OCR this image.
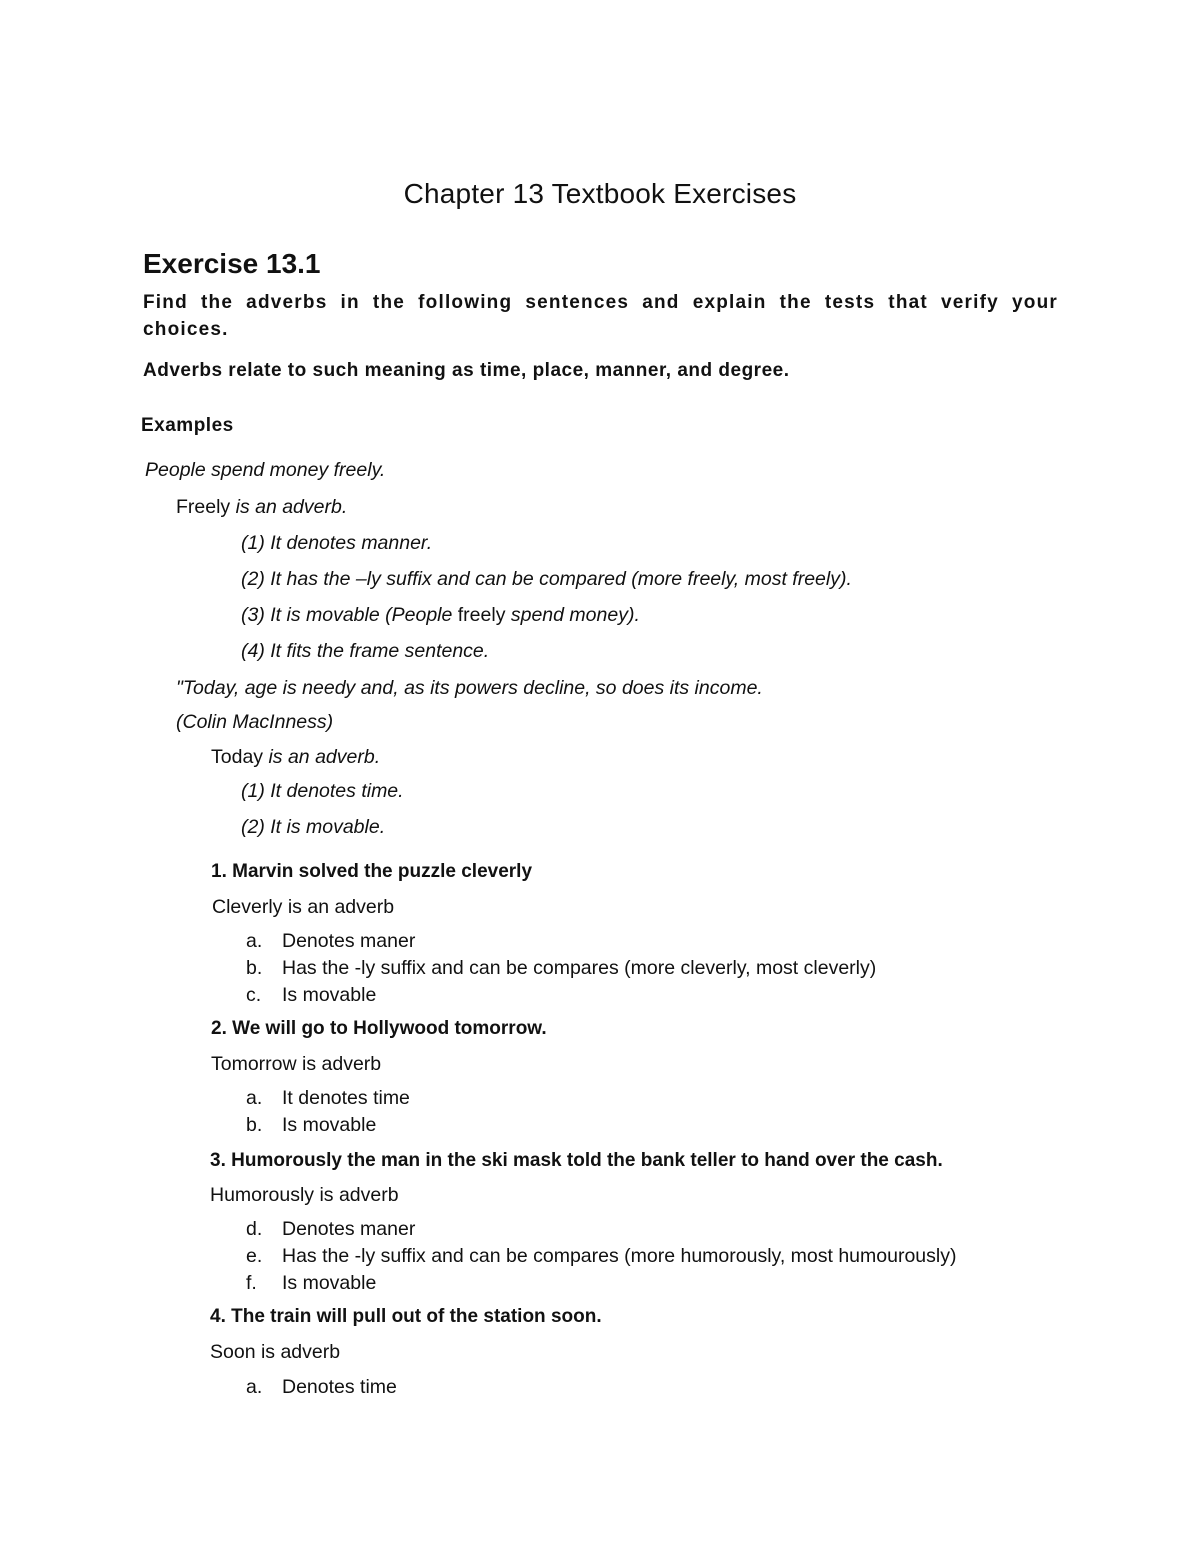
Chapter 13 Textbook Exercises
Exercise 13.1
Find the adverbs in the following sentences and explain the tests that verify your choices.
Adverbs relate to such meaning as time, place, manner, and degree.
Examples
People spend money freely.
Freely is an adverb.
(1) It denotes manner.
(2) It has the –ly suffix and can be compared (more freely, most freely).
(3) It is movable (People freely spend money).
(4) It fits the frame sentence.
"Today, age is needy and, as its powers decline, so does its income.
(Colin MacInness)
Today is an adverb.
(1) It denotes time.
(2) It is movable.
1. Marvin solved the puzzle cleverly
Cleverly is an adverb
a. Denotes maner
b. Has the -ly suffix and can be compares (more cleverly, most cleverly)
c. Is movable
2. We will go to Hollywood tomorrow.
Tomorrow is adverb
a. It denotes time
b. Is movable
3. Humorously the man in the ski mask told the bank teller to hand over the cash.
Humorously is adverb
d. Denotes maner
e. Has the -ly suffix and can be compares (more humorously, most humourously)
f. Is movable
4. The train will pull out of the station soon.
Soon is adverb
a. Denotes time
